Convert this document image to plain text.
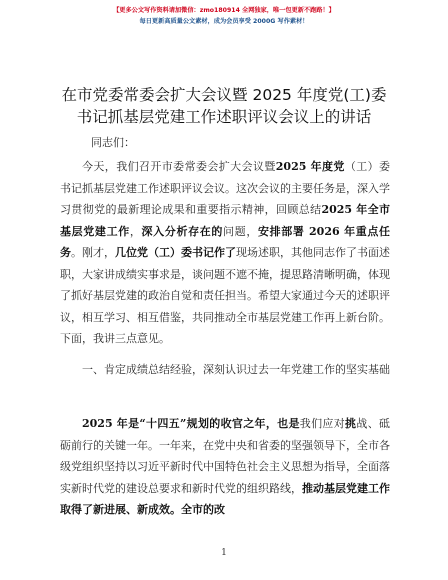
【更多公文写作资料请加微信：zmo180914 全网独家，唯一包更新不跑路！】
每日更新高质量公文素材，成为会员享受 2000G 写作素材！
在市党委常委会扩大会议暨 2025 年度党(工)委
书记抓基层党建工作述职评议会议上的讲话
同志们：
今天，我们召开市委常委会扩大会议暨2025 年度党（工）委书记抓基层党建工作述职评议会议。这次会议的主要任务是，深入学习贯彻党的最新理论成果和重要指示精神，回顾总结2025 年全市基层党建工作，深入分析存在的问题，安排部署 2026 年重点任务。刚才，几位党（工）委书记作了现场述职，其他同志作了书面述职，大家讲成绩实事求是，谈问题不遮不掩，提思路清晰明确，体现了抓好基层党建的政治自觉和责任担当。希望大家通过今天的述职评议，相互学习、相互借鉴，共同推动全市基层党建工作再上新台阶。下面，我讲三点意见。
一、肯定成绩总结经验，深刻认识过去一年党建工作的坚实基础
2025 年是“十四五”规划的收官之年，也是我们应对挑战、砥砺前行的关键一年。一年来，在党中央和省委的坚强领导下，全市各级党组织坚持以习近平新时代中国特色社会主义思想为指导，全面落实新时代党的建设总要求和新时代党的组织路线，推动基层党建工作取得了新进展、新成效。全市的改
1
